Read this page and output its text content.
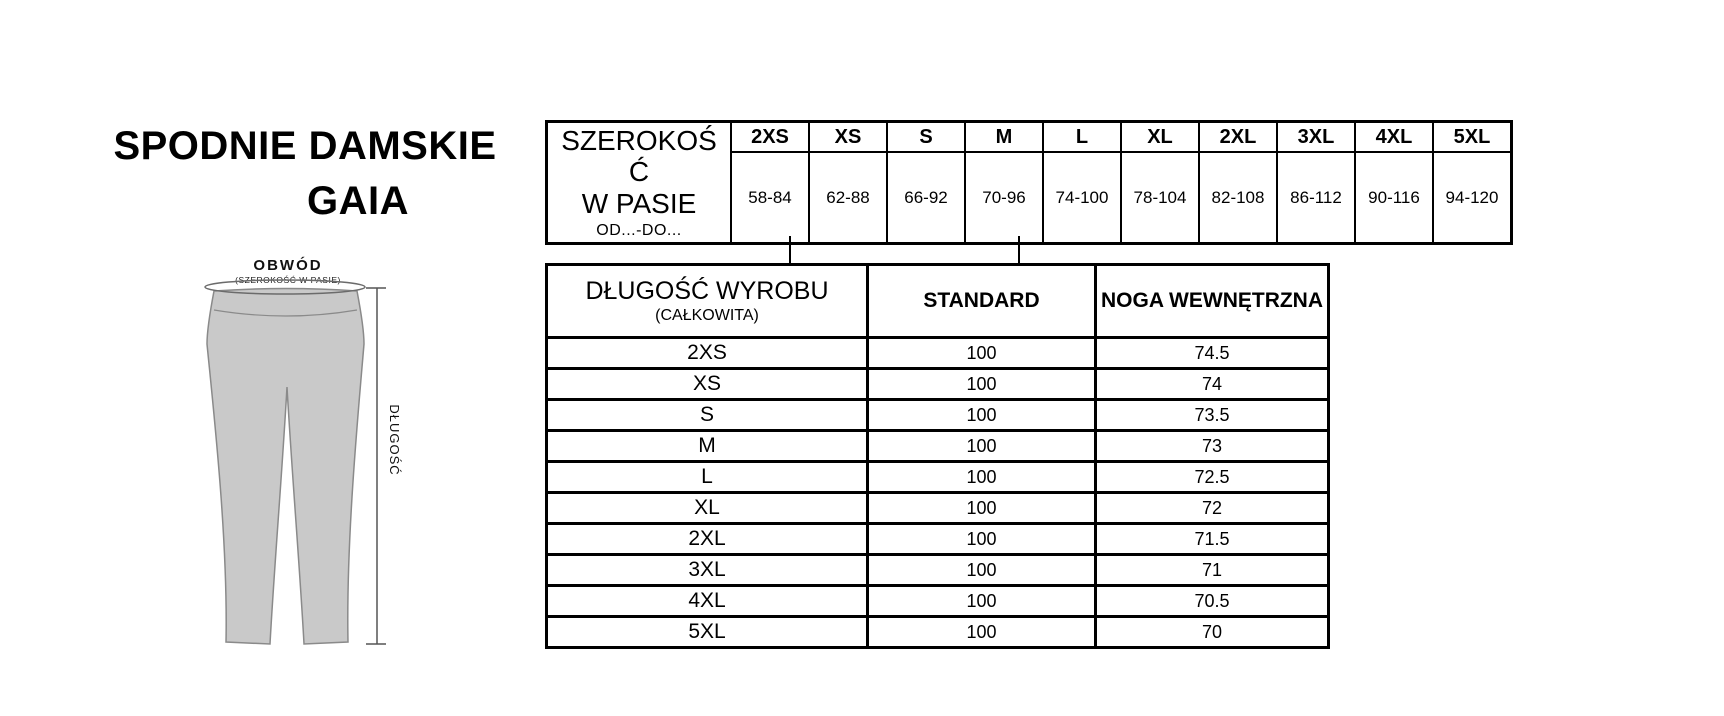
SPODNIE DAMSKIE
GAIA
OBWÓD
(SZEROKOŚĆ W PASIE)
DŁUGOŚĆ
SZEROKOŚĆ
W PASIE
OD...-DO...	2XS	XS	S	M	L	XL	2XL	3XL	4XL	5XL
	58-84	62-88	66-92	70-96	74-100	78-104	82-108	86-112	90-116	94-120
DŁUGOŚĆ WYROBU
(CAŁKOWITA)	STANDARD	NOGA WEWNĘTRZNA
2XS	100	74.5
XS	100	74
S	100	73.5
M	100	73
L	100	72.5
XL	100	72
2XL	100	71.5
3XL	100	71
4XL	100	70.5
5XL	100	70
